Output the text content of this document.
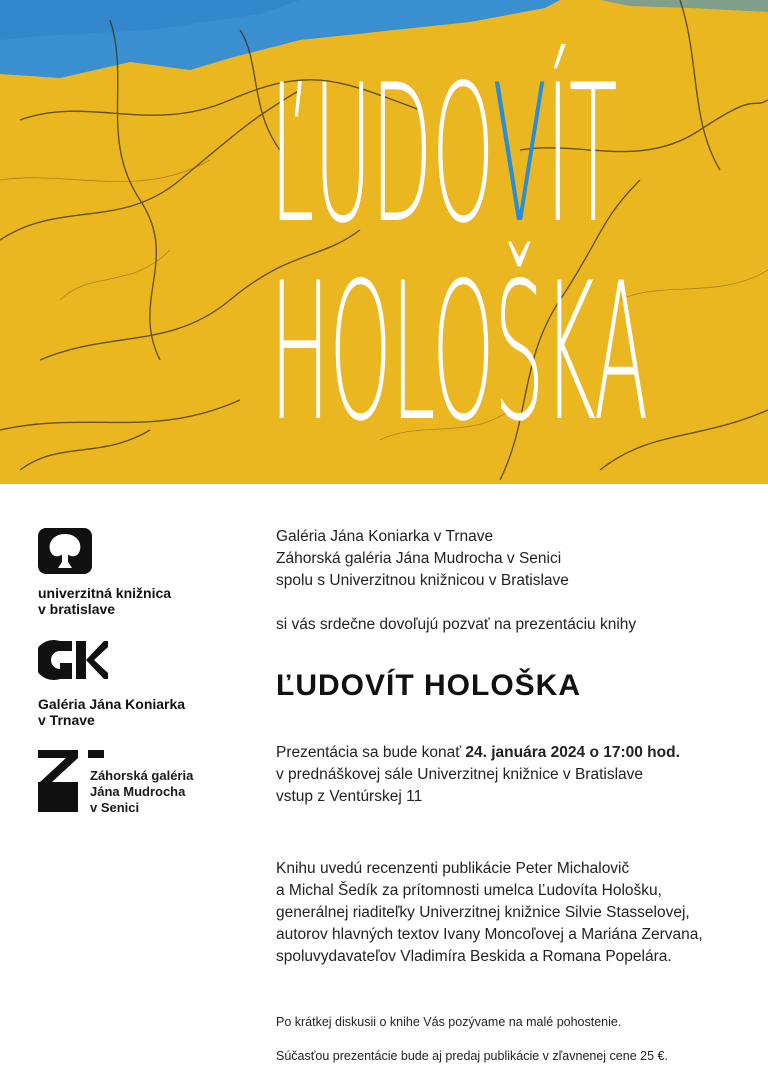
ĽUDOVÍT
HOLOŠKA
univerzitná knižnica
v bratislave
Galéria Jána Koniarka
v Trnave
Záhorská galéria
Jána Mudrocha
v Senici
Galéria Jána Koniarka v Trnave
Záhorská galéria Jána Mudrocha v Senici
spolu s Univerzitnou knižnicou v Bratislave
si vás srdečne dovoľujú pozvať na prezentáciu knihy
ĽUDOVÍT HOLOŠKA
Prezentácia sa bude konať 24. januára 2024 o 17:00 hod.
v prednáškovej sále Univerzitnej knižnice v Bratislave
vstup z Ventúrskej 11
Knihu uvedú recenzenti publikácie Peter Michalovič
a Michal Šedík za prítomnosti umelca Ľudovíta Hološku,
generálnej riaditeľky Univerzitnej knižnice Silvie Stasselovej,
autorov hlavných textov Ivany Moncoľovej a Mariána Zervana,
spoluvydavateľov Vladimíra Beskida a Romana Popelára.
Po krátkej diskusii o knihe Vás pozývame na malé pohostenie.
Súčasťou prezentácie bude aj predaj publikácie v zľavnenej cene 25 €.
